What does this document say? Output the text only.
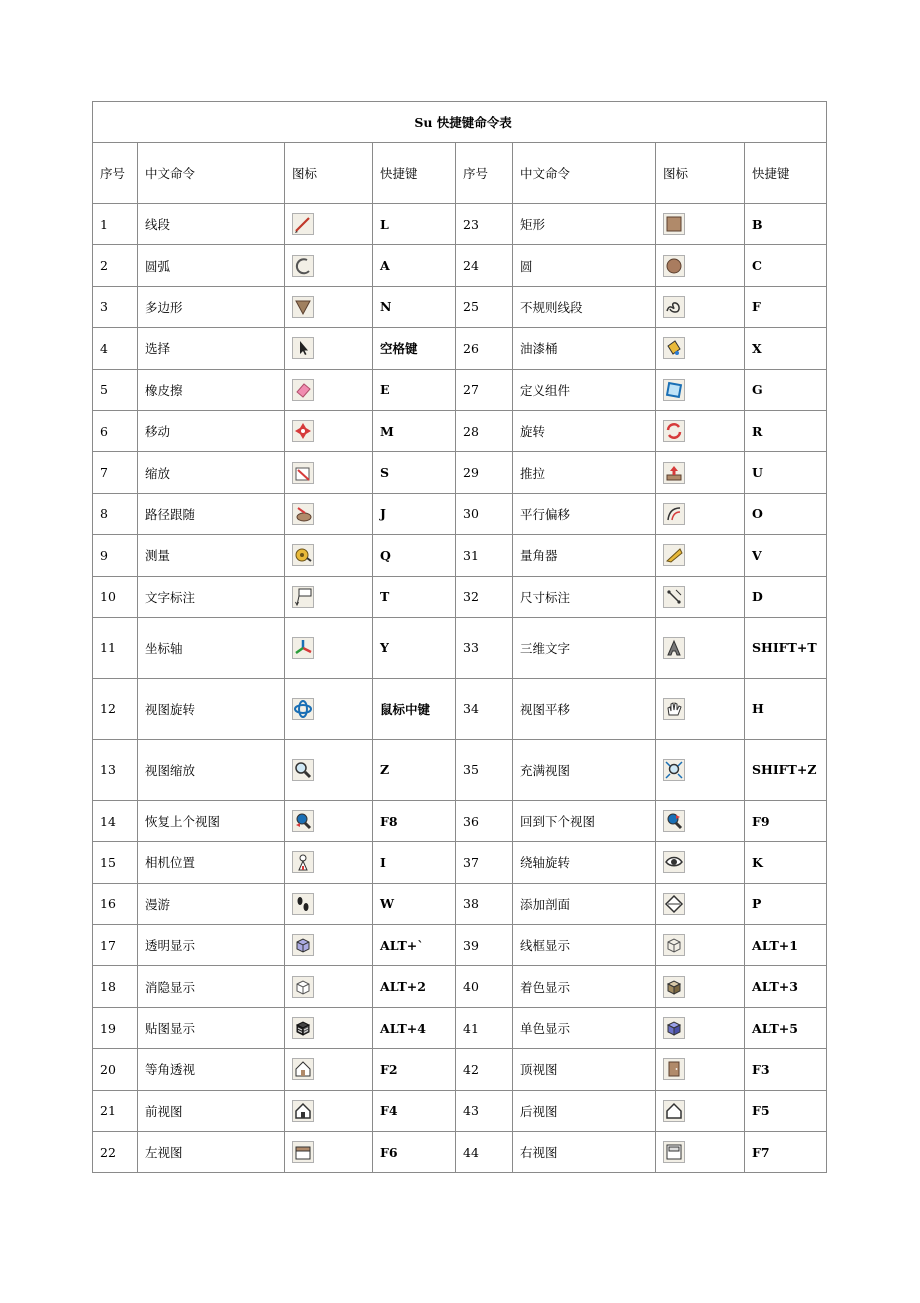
Su 快捷键命令表							
序号	中文命令	图标	快捷键	序号	中文命令	图标	快捷键
1	线段		L	23	矩形		B
2	圆弧		A	24	圆		C
3	多边形		N	25	不规则线段		F
4	选择		空格键	26	油漆桶		X
5	橡皮擦		E	27	定义组件		G
6	移动		M	28	旋转		R
7	缩放		S	29	推拉		U
8	路径跟随		J	30	平行偏移		O
9	测量		Q	31	量角器		V
10	文字标注		T	32	尺寸标注		D
11	坐标轴		Y	33	三维文字		SHIFT+T
12	视图旋转		鼠标中键	34	视图平移		H
13	视图缩放		Z	35	充满视图		SHIFT+Z
14	恢复上个视图		F8	36	回到下个视图		F9
15	相机位置		I	37	绕轴旋转		K
16	漫游		W	38	添加剖面		P
17	透明显示		ALT+`	39	线框显示		ALT+1
18	消隐显示		ALT+2	40	着色显示		ALT+3
19	贴图显示		ALT+4	41	单色显示		ALT+5
20	等角透视		F2	42	顶视图		F3
21	前视图		F4	43	后视图		F5
22	左视图		F6	44	右视图		F7
